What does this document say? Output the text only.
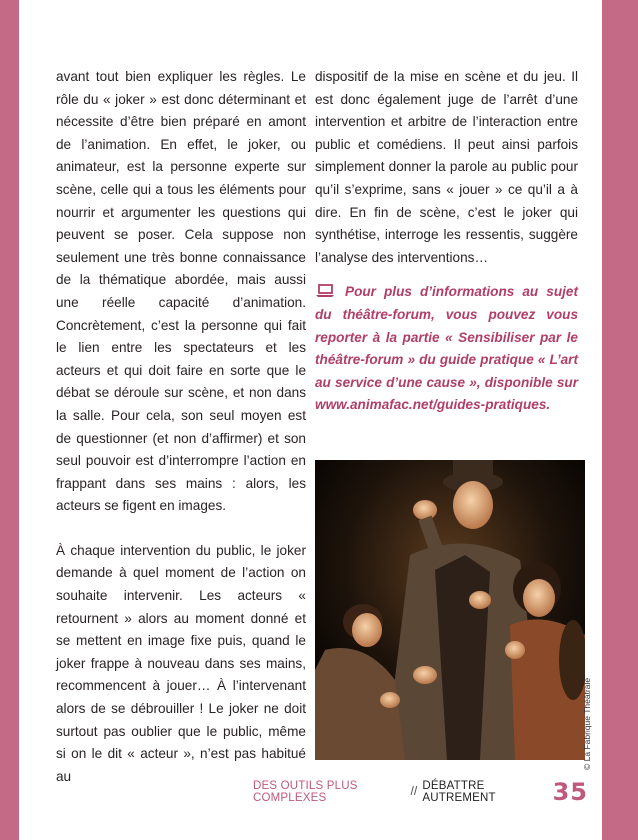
avant tout bien expliquer les règles. Le rôle du « joker » est donc déterminant et nécessite d’être bien préparé en amont de l’animation. En effet, le joker, ou animateur, est la personne experte sur scène, celle qui a tous les éléments pour nourrir et argumenter les questions qui peuvent se poser. Cela suppose non seulement une très bonne connaissance de la thématique abordée, mais aussi une réelle capacité d’animation. Concrètement, c’est la personne qui fait le lien entre les spectateurs et les acteurs et qui doit faire en sorte que le débat se déroule sur scène, et non dans la salle. Pour cela, son seul moyen est de questionner (et non d’affirmer) et son seul pouvoir est d’interrompre l’action en frappant dans ses mains : alors, les acteurs se figent en images.

À chaque intervention du public, le joker demande à quel moment de l’action on souhaite intervenir. Les acteurs « retournent » alors au moment donné et se mettent en image fixe puis, quand le joker frappe à nouveau dans ses mains, recommencent à jouer… À l’intervenant alors de se débrouiller ! Le joker ne doit surtout pas oublier que le public, même si on le dit « acteur », n’est pas habitué au

dispositif de la mise en scène et du jeu. Il est donc également juge de l’arrêt d’une intervention et arbitre de l’interaction entre public et comédiens. Il peut ainsi parfois simplement donner la parole au public pour qu’il s’exprime, sans « jouer » ce qu’il a à dire. En fin de scène, c’est le joker qui synthétise, interroge les ressentis, suggère l’analyse des interventions…

Pour plus d’informations au sujet du théâtre-forum, vous pouvez vous reporter à la partie « Sensibiliser par le théâtre-forum » du guide pratique « L’art au service d’une cause », disponible sur www.animafac.net/guides-pratiques.

© La Fabrique Théâtrale
DES OUTILS PLUS COMPLEXES	// DÉBATTRE AUTREMENT	35
